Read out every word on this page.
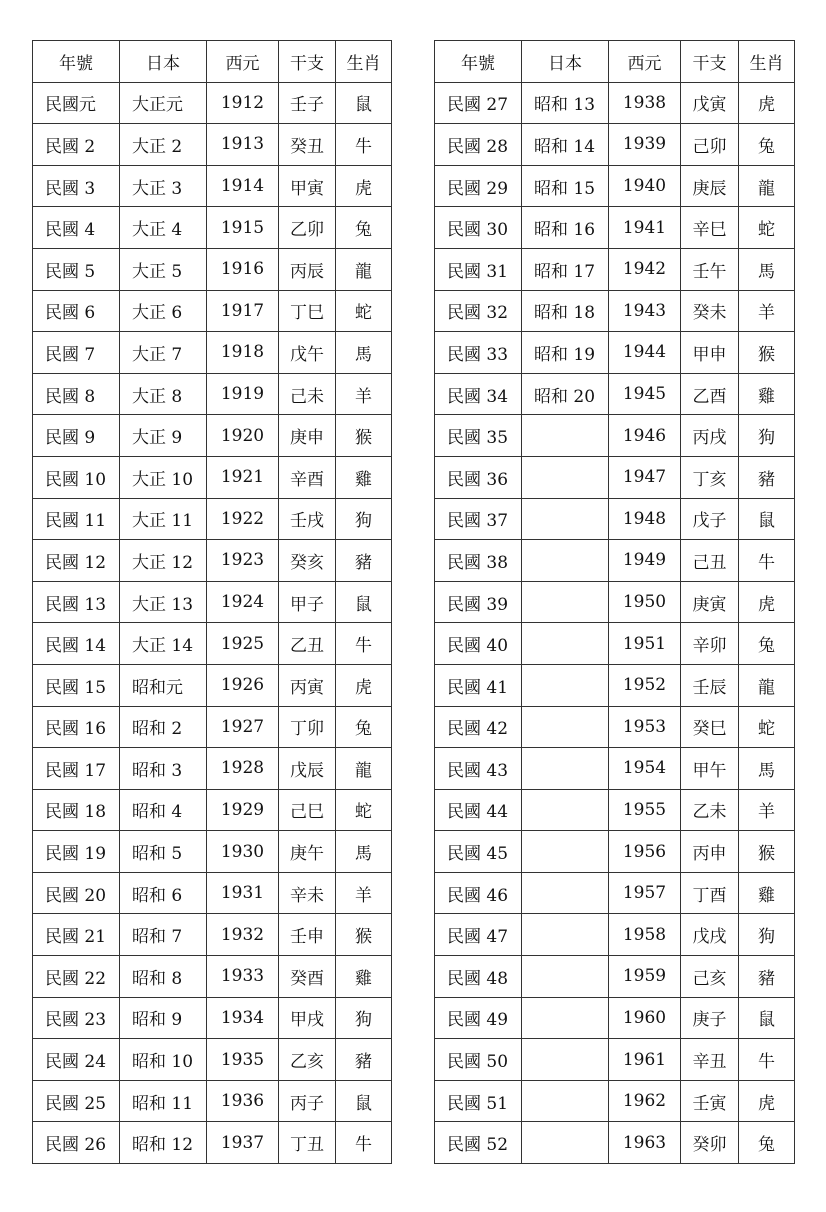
年號	日本	西元	干支	生肖
民國元	大正元	1912	壬子	鼠
民國 2	大正 2	1913	癸丑	牛
民國 3	大正 3	1914	甲寅	虎
民國 4	大正 4	1915	乙卯	兔
民國 5	大正 5	1916	丙辰	龍
民國 6	大正 6	1917	丁巳	蛇
民國 7	大正 7	1918	戊午	馬
民國 8	大正 8	1919	己未	羊
民國 9	大正 9	1920	庚申	猴
民國 10	大正 10	1921	辛酉	雞
民國 11	大正 11	1922	壬戌	狗
民國 12	大正 12	1923	癸亥	豬
民國 13	大正 13	1924	甲子	鼠
民國 14	大正 14	1925	乙丑	牛
民國 15	昭和元	1926	丙寅	虎
民國 16	昭和 2	1927	丁卯	兔
民國 17	昭和 3	1928	戊辰	龍
民國 18	昭和 4	1929	己巳	蛇
民國 19	昭和 5	1930	庚午	馬
民國 20	昭和 6	1931	辛未	羊
民國 21	昭和 7	1932	壬申	猴
民國 22	昭和 8	1933	癸酉	雞
民國 23	昭和 9	1934	甲戌	狗
民國 24	昭和 10	1935	乙亥	豬
民國 25	昭和 11	1936	丙子	鼠
民國 26	昭和 12	1937	丁丑	牛
年號	日本	西元	干支	生肖
民國 27	昭和 13	1938	戊寅	虎
民國 28	昭和 14	1939	己卯	兔
民國 29	昭和 15	1940	庚辰	龍
民國 30	昭和 16	1941	辛巳	蛇
民國 31	昭和 17	1942	壬午	馬
民國 32	昭和 18	1943	癸未	羊
民國 33	昭和 19	1944	甲申	猴
民國 34	昭和 20	1945	乙酉	雞
民國 35		1946	丙戌	狗
民國 36		1947	丁亥	豬
民國 37		1948	戊子	鼠
民國 38		1949	己丑	牛
民國 39		1950	庚寅	虎
民國 40		1951	辛卯	兔
民國 41		1952	壬辰	龍
民國 42		1953	癸巳	蛇
民國 43		1954	甲午	馬
民國 44		1955	乙未	羊
民國 45		1956	丙申	猴
民國 46		1957	丁酉	雞
民國 47		1958	戊戌	狗
民國 48		1959	己亥	豬
民國 49		1960	庚子	鼠
民國 50		1961	辛丑	牛
民國 51		1962	壬寅	虎
民國 52		1963	癸卯	兔
